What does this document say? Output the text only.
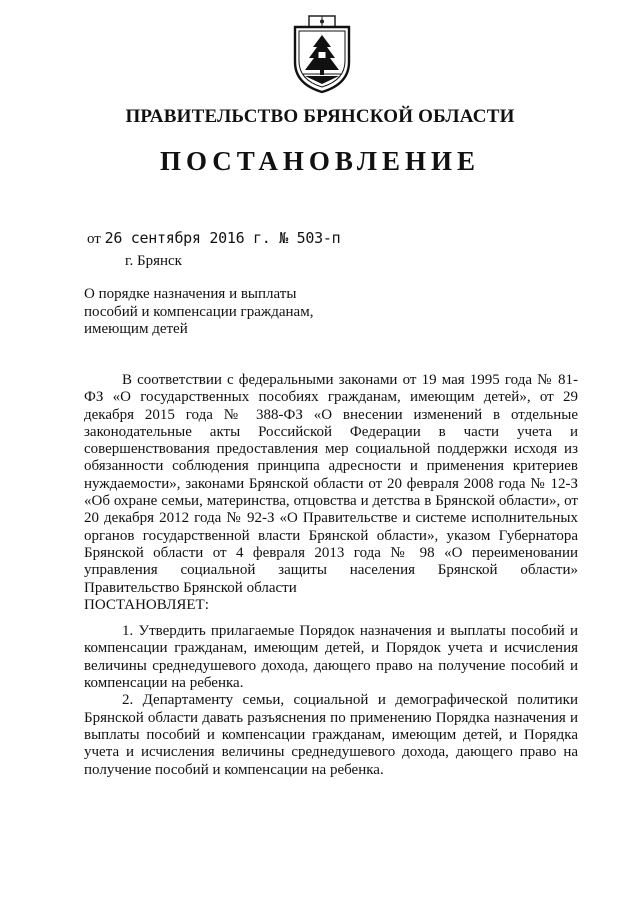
ПРАВИТЕЛЬСТВО БРЯНСКОЙ ОБЛАСТИ
ПОСТАНОВЛЕНИЕ
от 26 сентября 2016 г. № 503-п
г. Брянск
О порядке назначения и выплаты пособий и компенсации гражданам, имеющим детей

В соответствии с федеральными законами от 19 мая 1995 года № 81-ФЗ «О государственных пособиях гражданам, имеющим детей», от 29 декабря 2015 года № 388-ФЗ «О внесении изменений в отдельные законодательные акты Российской Федерации в части учета и совершенствования предоставления мер социальной поддержки исходя из обязанности соблюдения принципа адресности и применения критериев нуждаемости», законами Брянской области от 20 февраля 2008 года № 12-З «Об охране семьи, материнства, отцовства и детства в Брянской области», от 20 декабря 2012 года № 92-З «О Правительстве и системе исполнительных органов государственной власти Брянской области», указом Губернатора Брянской области от 4 февраля 2013 года № 98 «О переименовании управления социальной защиты населения Брянской области» Правительство Брянской области

ПОСТАНОВЛЯЕТ:

1. Утвердить прилагаемые Порядок назначения и выплаты пособий и компенсации гражданам, имеющим детей, и Порядок учета и исчисления величины среднедушевого дохода, дающего право на получение пособий и компенсации на ребенка.

2. Департаменту семьи, социальной и демографической политики Брянской области давать разъяснения по применению Порядка назначения и выплаты пособий и компенсации гражданам, имеющим детей, и Порядка учета и исчисления величины среднедушевого дохода, дающего право на получение пособий и компенсации на ребенка.
